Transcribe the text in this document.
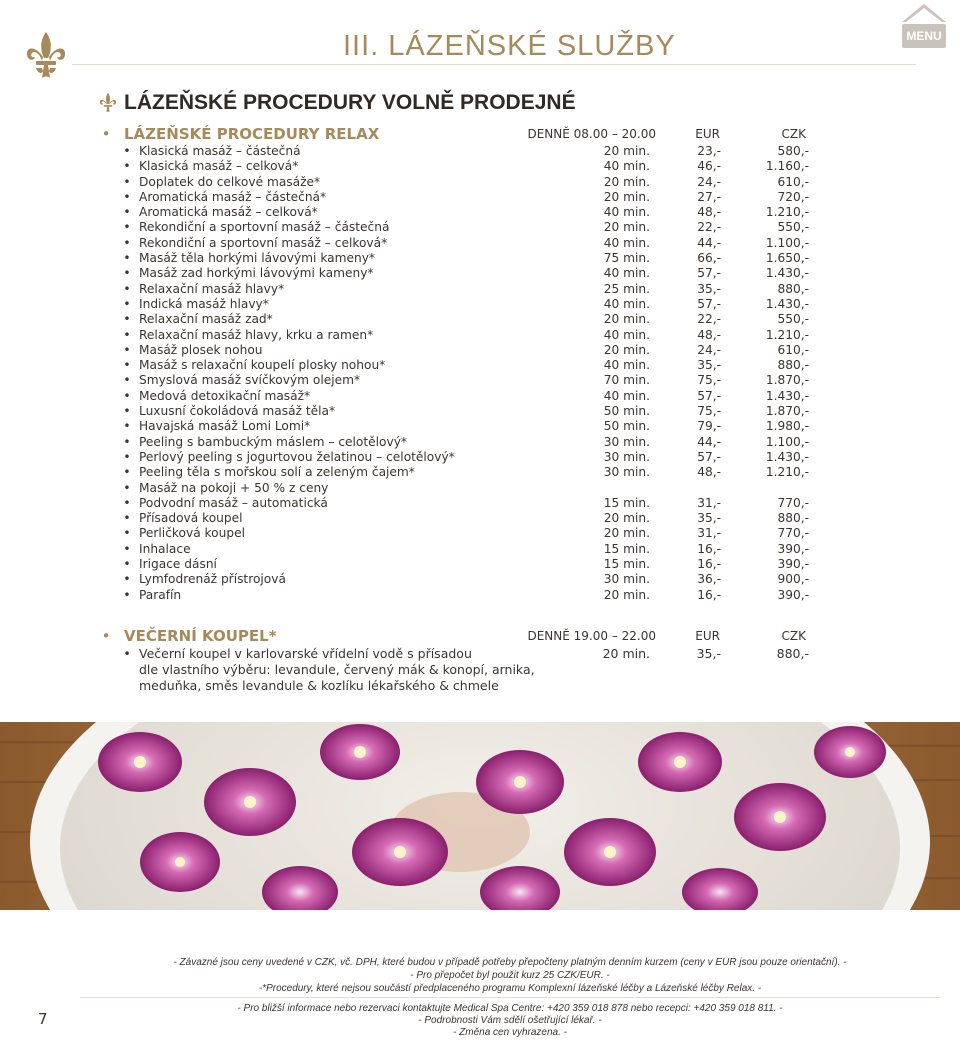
III. LÁZEŇSKÉ SLUŽBY	MENU
LÁZEŇSKÉ PROCEDURY VOLNĚ PRODEJNÉ
• LÁZEŇSKÉ PROCEDURY RELAX	DENNĚ 08.00 – 20.00	EUR	CZK
• Klasická masáž – částečná	20 min.	23,-	580,-
• Klasická masáž – celková*	40 min.	46,-	1.160,-
• Doplatek do celkové masáže*	20 min.	24,-	610,-
• Aromatická masáž – částečná*	20 min.	27,-	720,-
• Aromatická masáž – celková*	40 min.	48,-	1.210,-
• Rekondiční a sportovní masáž – částečná	20 min.	22,-	550,-
• Rekondiční a sportovní masáž – celková*	40 min.	44,-	1.100,-
• Masáž těla horkými lávovými kameny*	75 min.	66,-	1.650,-
• Masáž zad horkými lávovými kameny*	40 min.	57,-	1.430,-
• Relaxační masáž hlavy*	25 min.	35,-	880,-
• Indická masáž hlavy*	40 min.	57,-	1.430,-
• Relaxační masáž zad*	20 min.	22,-	550,-
• Relaxační masáž hlavy, krku a ramen*	40 min.	48,-	1.210,-
• Masáž plosek nohou	20 min.	24,-	610,-
• Masáž s relaxační koupelí plosky nohou*	40 min.	35,-	880,-
• Smyslová masáž svíčkovým olejem*	70 min.	75,-	1.870,-
• Medová detoxikační masáž*	40 min.	57,-	1.430,-
• Luxusní čokoládová masáž těla*	50 min.	75,-	1.870,-
• Havajská masáž Lomi Lomi*	50 min.	79,-	1.980,-
• Peeling s bambuckým máslem – celotělový*	30 min.	44,-	1.100,-
• Perlový peeling s jogurtovou želatinou – celotělový*	30 min.	57,-	1.430,-
• Peeling těla s mořskou solí a zeleným čajem*	30 min.	48,-	1.210,-
• Masáž na pokoji + 50 % z ceny
• Podvodní masáž – automatická	15 min.	31,-	770,-
• Přísadová koupel	20 min.	35,-	880,-
• Perličková koupel	20 min.	31,-	770,-
• Inhalace	15 min.	16,-	390,-
• Irigace dásní	15 min.	16,-	390,-
• Lymfodrenáž přístrojová	30 min.	36,-	900,-
• Parafín	20 min.	16,-	390,-
• VEČERNÍ KOUPEL*	DENNĚ 19.00 – 22.00	EUR	CZK
• Večerní koupel v karlovarské vřídelní vodě s přísadou	20 min.	35,-	880,-
dle vlastního výběru: levandule, červený mák & konopí, arnika,
meduňka, směs levandule & kozlíku lékařského & chmele
- Závazné jsou ceny uvedené v CZK, vč. DPH, které budou v případě potřeby přepočteny platným denním kurzem (ceny v EUR jsou pouze orientační). -
- Pro přepočet byl použit kurz 25 CZK/EUR. -
-*Procedury, které nejsou součástí předplaceného programu Komplexní lázeňské léčby a Lázeňské léčby Relax. -
- Pro bližší informace nebo rezervaci kontaktujte Medical Spa Centre: +420 359 018 878 nebo recepci: +420 359 018 811. -
- Podrobnosti Vám sdělí ošetřující lékař. -
- Změna cen vyhrazena. -
7
